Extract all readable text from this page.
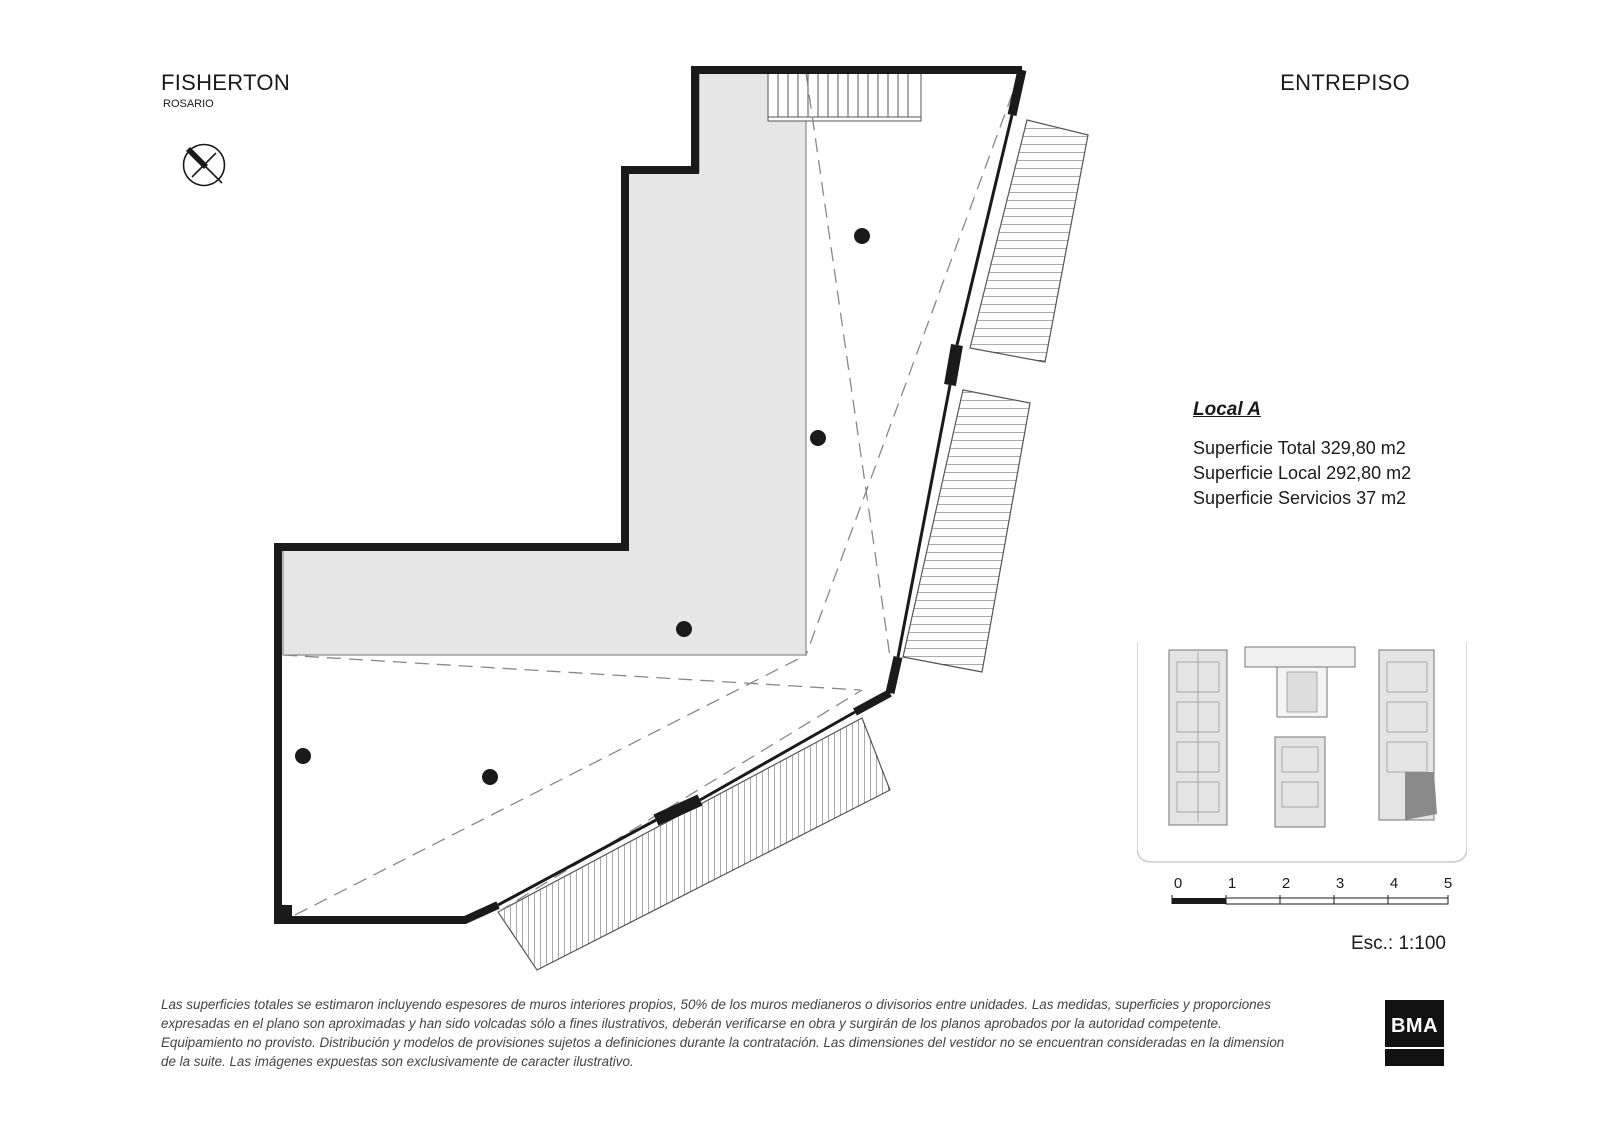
FISHERTON
ROSARIO
ENTREPISO
Local A
Superficie Total 329,80 m2
Superficie Local 292,80 m2
Superficie Servicios 37 m2
0	1	2	3	4	5
Esc.: 1:100
Las superficies totales se estimaron incluyendo espesores de muros interiores propios, 50% de los muros medianeros o divisorios entre unidades. Las medidas, superficies y proporciones expresadas en el plano son aproximadas y han sido volcadas sólo a fines ilustrativos, deberán verificarse en obra y surgirán de los planos aprobados por la autoridad competente. Equipamiento no provisto. Distribución y modelos de provisiones sujetos a definiciones durante la contratación. Las dimensiones del vestidor no se encuentran consideradas en la dimension de la suite. Las imágenes expuestas son exclusivamente de caracter ilustrativo.
BMA
